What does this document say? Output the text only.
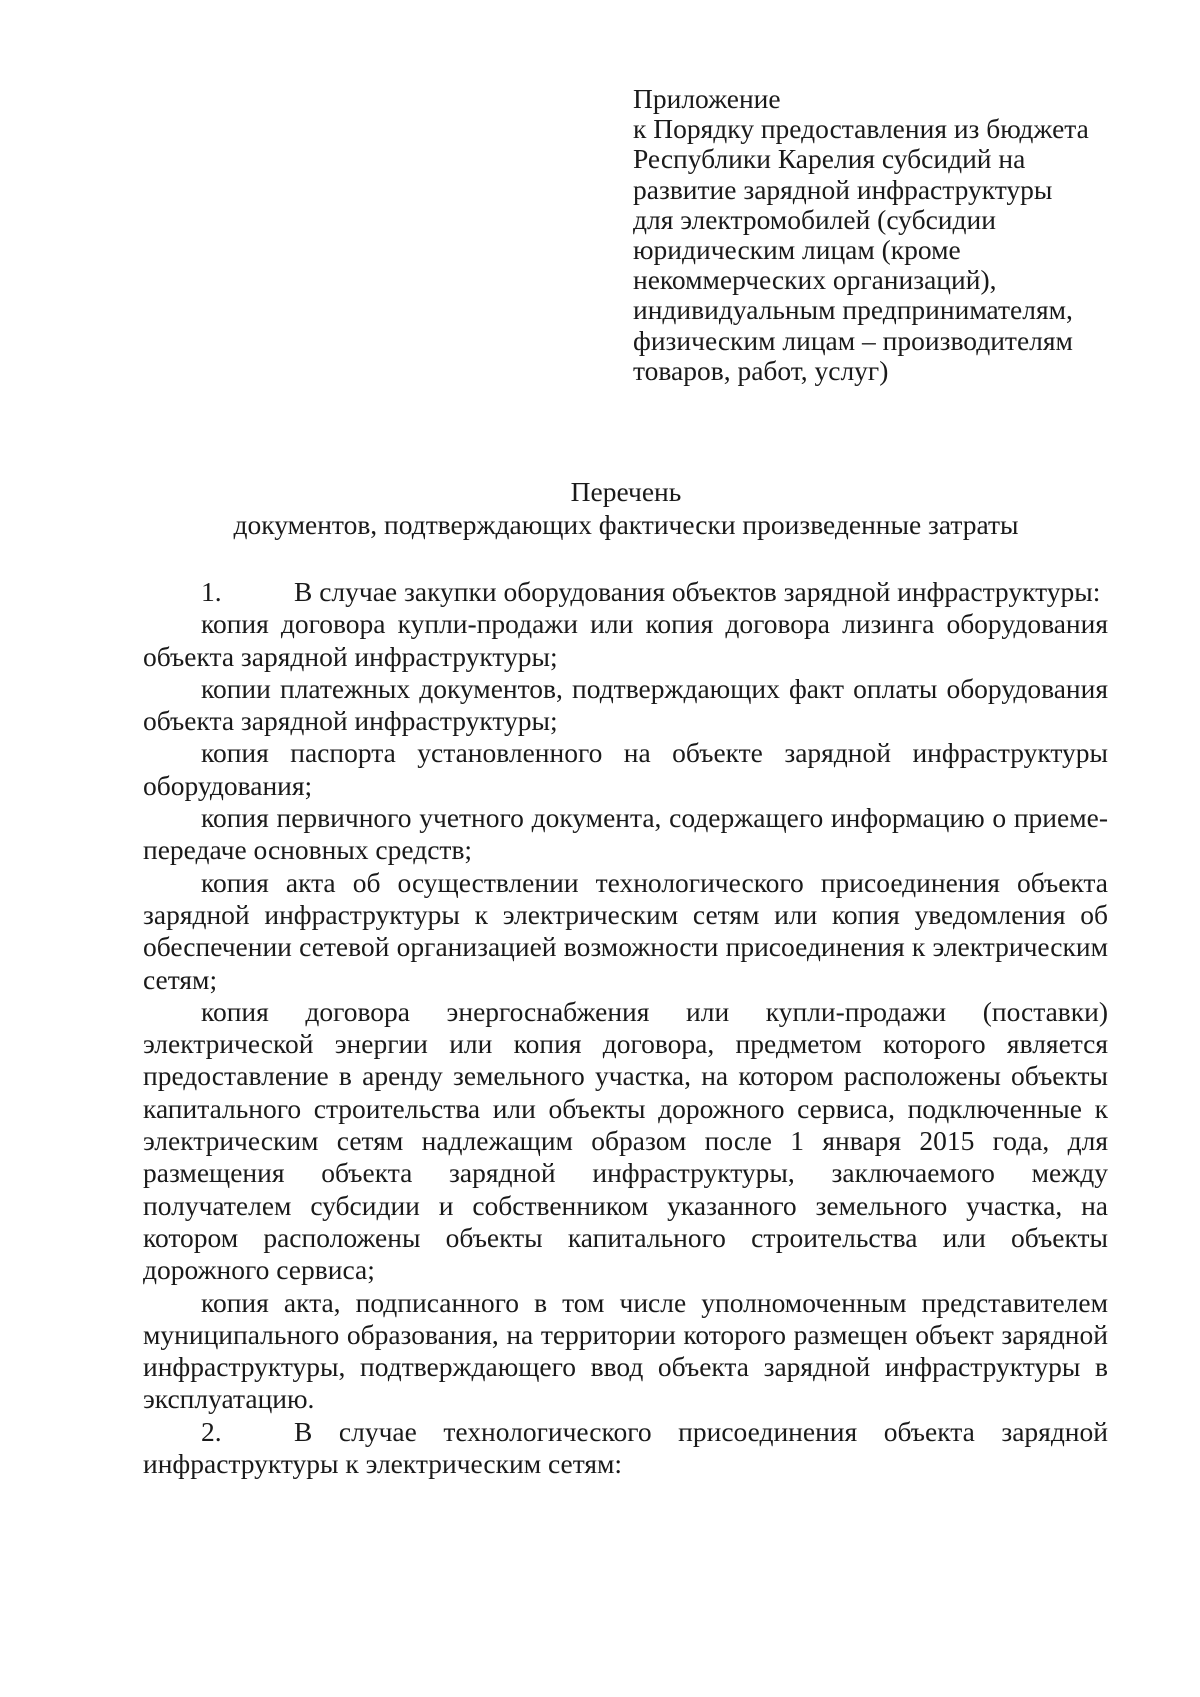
Приложение
к Порядку предоставления из бюджета
Республики Карелия субсидий на
развитие зарядной инфраструктуры
для электромобилей (субсидии
юридическим лицам (кроме
некоммерческих организаций),
индивидуальным предпринимателям,
физическим лицам – производителям
товаров, работ, услуг)
Перечень
документов, подтверждающих фактически произведенные затраты

1.	В случае закупки оборудования объектов зарядной инфраструктуры:

копия договора купли-продажи или копия договора лизинга оборудования объекта зарядной инфраструктуры;

копии платежных документов, подтверждающих факт оплаты оборудования объекта зарядной инфраструктуры;

копия паспорта установленного на объекте зарядной инфраструктуры оборудования;

копия первичного учетного документа, содержащего информацию о приеме-передаче основных средств;

копия акта об осуществлении технологического присоединения объекта зарядной инфраструктуры к электрическим сетям или копия уведомления об обеспечении сетевой организацией возможности присоединения к электрическим сетям;

копия договора энергоснабжения или купли-продажи (поставки) электрической энергии или копия договора, предметом которого является предоставление в аренду земельного участка, на котором расположены объекты капитального строительства или объекты дорожного сервиса, подключенные к электрическим сетям надлежащим образом после 1 января 2015 года, для размещения объекта зарядной инфраструктуры, заключаемого между получателем субсидии и собственником указанного земельного участка, на котором расположены объекты капитального строительства или объекты дорожного сервиса;

копия акта, подписанного в том числе уполномоченным представителем муниципального образования, на территории которого размещен объект зарядной инфраструктуры, подтверждающего ввод объекта зарядной инфраструктуры в эксплуатацию.

2.	В случае технологического присоединения объекта зарядной инфраструктуры к электрическим сетям:
